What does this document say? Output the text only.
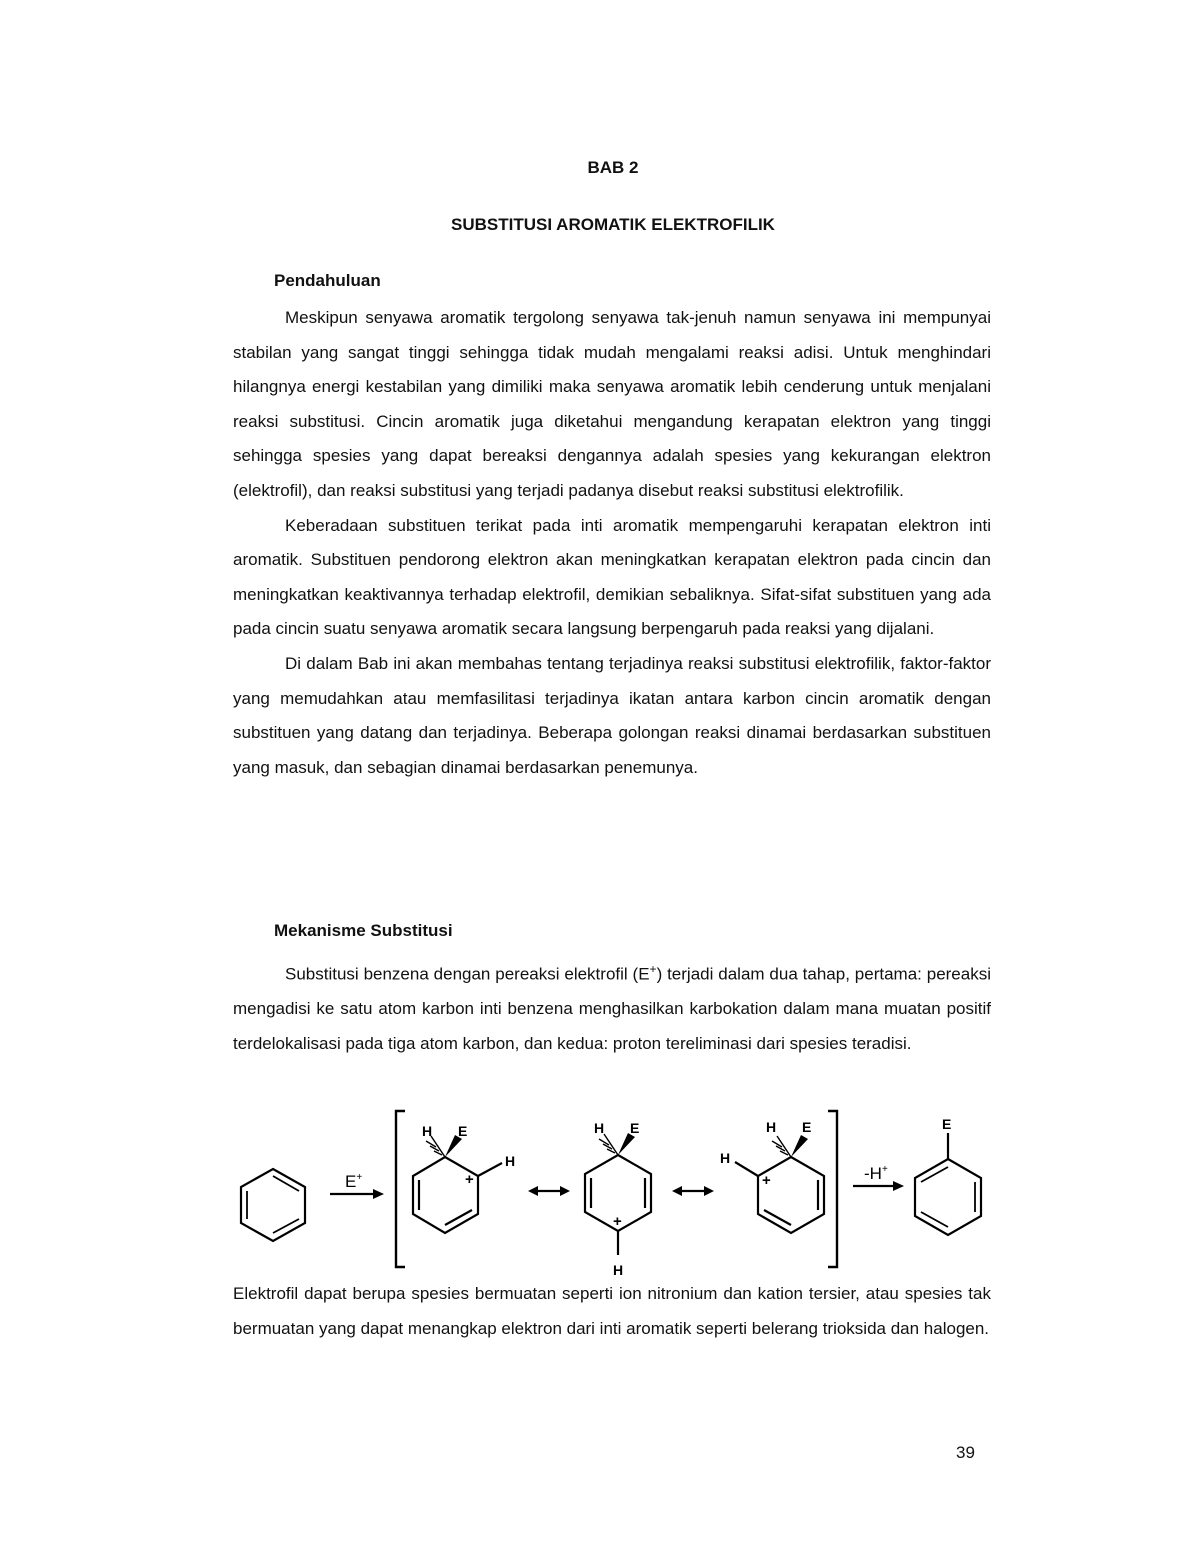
BAB 2

SUBSTITUSI AROMATIK ELEKTROFILIK

Pendahuluan

Meskipun senyawa aromatik tergolong senyawa tak-jenuh namun senyawa ini mempunyai stabilan yang sangat tinggi sehingga tidak mudah mengalami reaksi adisi. Untuk menghindari hilangnya energi kestabilan yang dimiliki maka senyawa aromatik lebih cenderung untuk menjalani reaksi substitusi. Cincin aromatik juga diketahui mengandung kerapatan elektron yang tinggi sehingga spesies yang dapat bereaksi dengannya adalah spesies yang kekurangan elektron (elektrofil), dan reaksi substitusi yang terjadi padanya disebut reaksi substitusi elektrofilik.

Keberadaan substituen terikat pada inti aromatik mempengaruhi kerapatan elektron inti aromatik. Substituen pendorong elektron akan meningkatkan kerapatan elektron pada cincin dan meningkatkan keaktivannya terhadap elektrofil, demikian sebaliknya. Sifat-sifat substituen yang ada pada cincin suatu senyawa aromatik secara langsung berpengaruh pada reaksi yang dijalani.

Di dalam Bab ini akan membahas tentang terjadinya reaksi substitusi elektrofilik, faktor-faktor yang memudahkan atau memfasilitasi terjadinya ikatan antara karbon cincin aromatik dengan substituen yang datang dan terjadinya. Beberapa golongan reaksi dinamai berdasarkan substituen yang masuk, dan sebagian dinamai berdasarkan penemunya.

Mekanisme Substitusi

Substitusi benzena dengan pereaksi elektrofil (E+) terjadi dalam dua tahap, pertama: pereaksi mengadisi ke satu atom karbon inti benzena menghasilkan karbokation dalam mana muatan positif terdelokalisasi pada tiga atom karbon, dan kedua: proton tereliminasi dari spesies teradisi.

E+
H E
H
+
H E
+
H
H E
H
+	-H+
E

Elektrofil dapat berupa spesies bermuatan seperti ion nitronium dan kation tersier, atau spesies tak bermuatan yang dapat menangkap elektron dari inti aromatik seperti belerang trioksida dan halogen.

39
